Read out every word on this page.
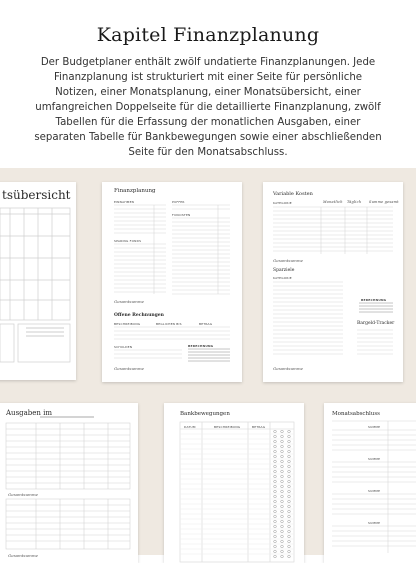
Kapitel Finanzplanung
Der Budgetplaner enthält zwölf undatierte Finanzplanungen. Jede Finanzplanung ist strukturiert mit einer Seite für persönliche Notizen, einer Monatsplanung, einer Monatsübersicht, einer umfangreichen Doppelseite für die detaillierte Finanzplanung, zwölf Tabellen für die Erfassung der monatlichen Ausgaben, einer separaten Tabelle für Bankbewegungen sowie einer abschließenden Seite für den Monatsabschluss.
tsübersicht	Finanzplanung
EINNAHMEN	PUFFER
FIXKOSTEN
SPARING FONDS
Offene Rechnungen
BESCHREIBUNG	BEGLICHEN BIS	BETRAG
SCHULDEN	BERECHNUNG
Gesamtsumme
Gesamtsumme
Variable Kosten
KATEGORIE	Monatlich Täglich Summe gesamt
Sparziele
KATEGORIE
BERECHNUNG
Bargeld-Tracker
Gesamtsumme
Gesamtsumme
Ausgaben im
Gesamtsumme
Gesamtsumme
Bankbewegungen
DATUM	BESCHREIBUNG	BETRAG
Monatsabschluss
SUMME
SUMME
SUMME
SUMME
